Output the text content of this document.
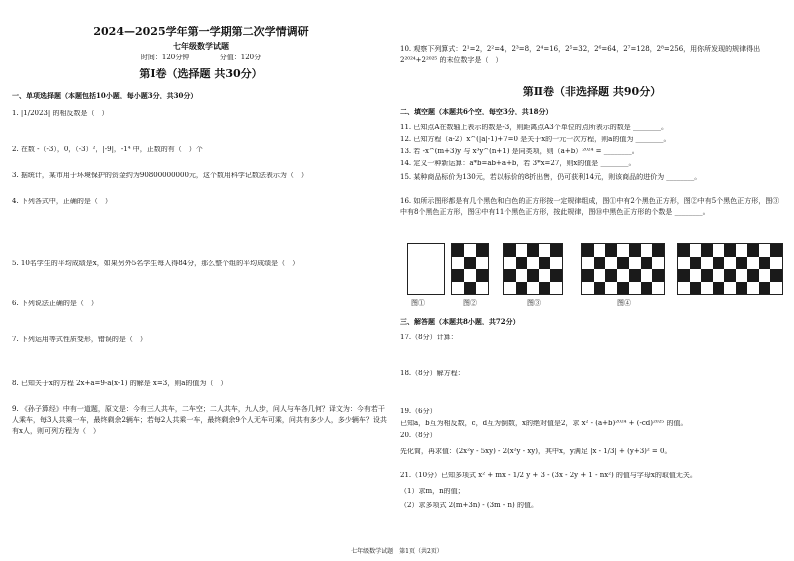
2024—2025学年第一学期第二次学情调研
七年级数学试题
时间：120分钟	分值：120分
第Ⅰ卷（选择题 共30分）
一、单项选择题（本题包括10小题，每小题3分，共30分）
1. |1/2023| 的相反数是（　）
2. 在数 -（-3），0，（-3）²，|-9|，-1⁴ 中，正数的有（　）个
3. 据统计，某市用于环境保护的资金约为90800000000元，这个数用科学记数法表示为（　）
4. 下列各式中，正确的是（　）
5. 10名学生的平均成绩是x，如果另外5名学生每人得84分，那么整个组的平均成绩是（　）
6. 下列说法正确的是（　）
7. 下列运用等式性质变形，错误的是（　）
8. 已知关于x的方程 2x+a=9-a(x-1) 的解是 x=3，则a的值为（　）
9. 《孙子算经》中有一道题，原文是：今有三人共车，二车空；二人共车，九人步，问人与车各几何？译文为：今有若干人乘车，每3人共乘一车，最终剩余2辆车；若每2人共乘一车，最终剩余9个人无车可乘，问共有多少人，多少辆车？设共有x人，则可列方程为（　）
10. 观察下列算式：2¹=2，2²=4，2³=8，2⁴=16，2⁵=32，2⁶=64，2⁷=128，2⁸=256，用你所发现的规律得出 2²⁰²⁴+2²⁰²⁵ 的末位数字是（　）
第Ⅱ卷（非选择题 共90分）
二、填空题（本题共6个空，每空3分，共18分）
11. 已知点A在数轴上表示的数是-3，则距离点A3个单位的点所表示的数是 ________。
12. 已知方程（a-2）x^(|a|-1)+7=0 是关于x的一元一次方程，则a的值为 ________。
13. 若 -x^(m+3)y 与 x³y^(n+1) 是同类项，则（a+b）²⁰²⁴ = ________。
14. 定义一种新运算：a*b=ab+a+b，若 3*x=27，则x的值是 ________。
15. 某种商品标价为130元，若以标价的8折出售，仍可获利14元，则该商品的进价为 ________。
16. 如所示图形都是有几个黑色和白色的正方形按一定规律组成，图①中有2个黑色正方形，图②中有5个黑色正方形，图③中有8个黑色正方形，图④中有11个黑色正方形，按此规律，图⑩中黑色正方形的个数是 ________。
图①	图②	图③	图④
三、解答题（本题共8小题，共72分）
17.（8分）计算：
18.（8分）解方程：
19.（6分）
已知a，b互为相反数，c，d互为倒数，x的绝对值是2，求 x² - (a+b)²⁰²⁴ + (-cd)²⁰²⁵ 的值。
20.（8分）
先化简，再求值：(2x²y - 5xy) - 2(x²y - xy)，其中x，y满足 |x - 1/3| + (y+3)² = 0。
21.（10分）已知多项式 x² + mx - 1/2 y + 3 - (3x - 2y + 1 - nx²) 的值与字母x的取值无关。
（1）求m，n的值；
（2）求多项式 2(m+3n) - (3m - n) 的值。
七年级数学试题　第1页（共2页）
